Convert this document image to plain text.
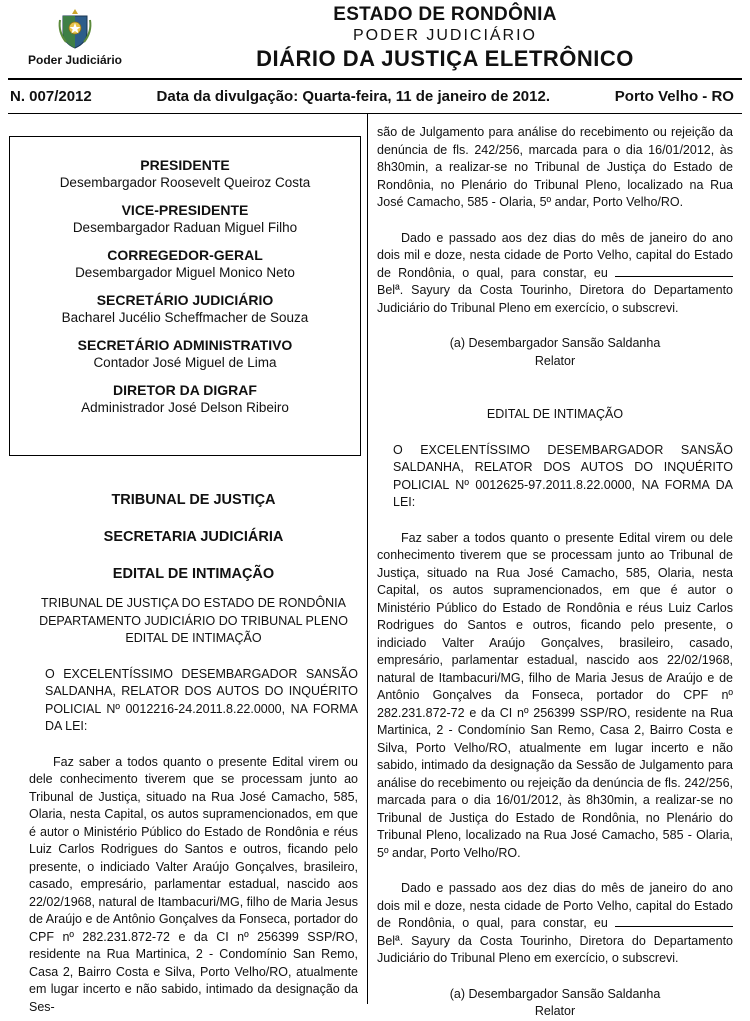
Poder Judiciário
ESTADO DE RONDÔNIA
PODER JUDICIÁRIO
DIÁRIO DA JUSTIÇA ELETRÔNICO
N. 007/2012	Data da divulgação: Quarta-feira, 11 de janeiro de 2012.	Porto Velho - RO
PRESIDENTE
Desembargador Roosevelt Queiroz Costa
VICE-PRESIDENTE
Desembargador Raduan Miguel Filho
CORREGEDOR-GERAL
Desembargador Miguel Monico Neto
SECRETÁRIO JUDICIÁRIO
Bacharel Jucélio Scheffmacher de Souza
SECRETÁRIO ADMINISTRATIVO
Contador José Miguel de Lima
DIRETOR DA DIGRAF
Administrador José Delson Ribeiro
TRIBUNAL DE JUSTIÇA
SECRETARIA JUDICIÁRIA
EDITAL DE INTIMAÇÃO
TRIBUNAL DE JUSTIÇA DO ESTADO DE RONDÔNIA
DEPARTAMENTO JUDICIÁRIO DO TRIBUNAL PLENO
EDITAL DE INTIMAÇÃO

O EXCELENTÍSSIMO DESEMBARGADOR SANSÃO SALDANHA, RELATOR DOS AUTOS DO INQUÉRITO POLICIAL Nº 0012216-24.2011.8.22.0000, NA FORMA DA LEI:

Faz saber a todos quanto o presente Edital virem ou dele conhecimento tiverem que se processam junto ao Tribunal de Justiça, situado na Rua José Camacho, 585, Olaria, nesta Capital, os autos supramencionados, em que é autor o Ministério Público do Estado de Rondônia e réus Luiz Carlos Rodrigues do Santos e outros, ficando pelo presente, o indiciado Valter Araújo Gonçalves, brasileiro, casado, empresário, parlamentar estadual, nascido aos 22/02/1968, natural de Itambacuri/MG, filho de Maria Jesus de Araújo e de Antônio Gonçalves da Fonseca, portador do CPF nº 282.231.872-72 e da CI nº 256399 SSP/RO, residente na Rua Martinica, 2 - Condomínio San Remo, Casa 2, Bairro Costa e Silva, Porto Velho/RO, atualmente em lugar incerto e não sabido, intimado da designação da Ses-

são de Julgamento para análise do recebimento ou rejeição da denúncia de fls. 242/256, marcada para o dia 16/01/2012, às 8h30min, a realizar-se no Tribunal de Justiça do Estado de Rondônia, no Plenário do Tribunal Pleno, localizado na Rua José Camacho, 585 - Olaria, 5º andar, Porto Velho/RO.

Dado e passado aos dez dias do mês de janeiro do ano dois mil e doze, nesta cidade de Porto Velho, capital do Estado de Rondônia, o qual, para constar, eu  Belª. Sayury da Costa Tourinho, Diretora do Departamento Judiciário do Tribunal Pleno em exercício, o subscrevi.

(a) Desembargador Sansão Saldanha
Relator
EDITAL DE INTIMAÇÃO

O EXCELENTÍSSIMO DESEMBARGADOR SANSÃO SALDANHA, RELATOR DOS AUTOS DO INQUÉRITO POLICIAL Nº 0012625-97.2011.8.22.0000, NA FORMA DA LEI:

Faz saber a todos quanto o presente Edital virem ou dele conhecimento tiverem que se processam junto ao Tribunal de Justiça, situado na Rua José Camacho, 585, Olaria, nesta Capital, os autos supramencionados, em que é autor o Ministério Público do Estado de Rondônia e réus Luiz Carlos Rodrigues do Santos e outros, ficando pelo presente, o indiciado Valter Araújo Gonçalves, brasileiro, casado, empresário, parlamentar estadual, nascido aos 22/02/1968, natural de Itambacuri/MG, filho de Maria Jesus de Araújo e de Antônio Gonçalves da Fonseca, portador do CPF nº 282.231.872-72 e da CI nº 256399 SSP/RO, residente na Rua Martinica, 2 - Condomínio San Remo, Casa 2, Bairro Costa e Silva, Porto Velho/RO, atualmente em lugar incerto e não sabido, intimado da designação da Sessão de Julgamento para análise do recebimento ou rejeição da denúncia de fls. 242/256, marcada para o dia 16/01/2012, às 8h30min, a realizar-se no Tribunal de Justiça do Estado de Rondônia, no Plenário do Tribunal Pleno, localizado na Rua José Camacho, 585 - Olaria, 5º andar, Porto Velho/RO.

Dado e passado aos dez dias do mês de janeiro do ano dois mil e doze, nesta cidade de Porto Velho, capital do Estado de Rondônia, o qual, para constar, eu  Belª. Sayury da Costa Tourinho, Diretora do Departamento Judiciário do Tribunal Pleno em exercício, o subscrevi.

(a) Desembargador Sansão Saldanha
Relator
